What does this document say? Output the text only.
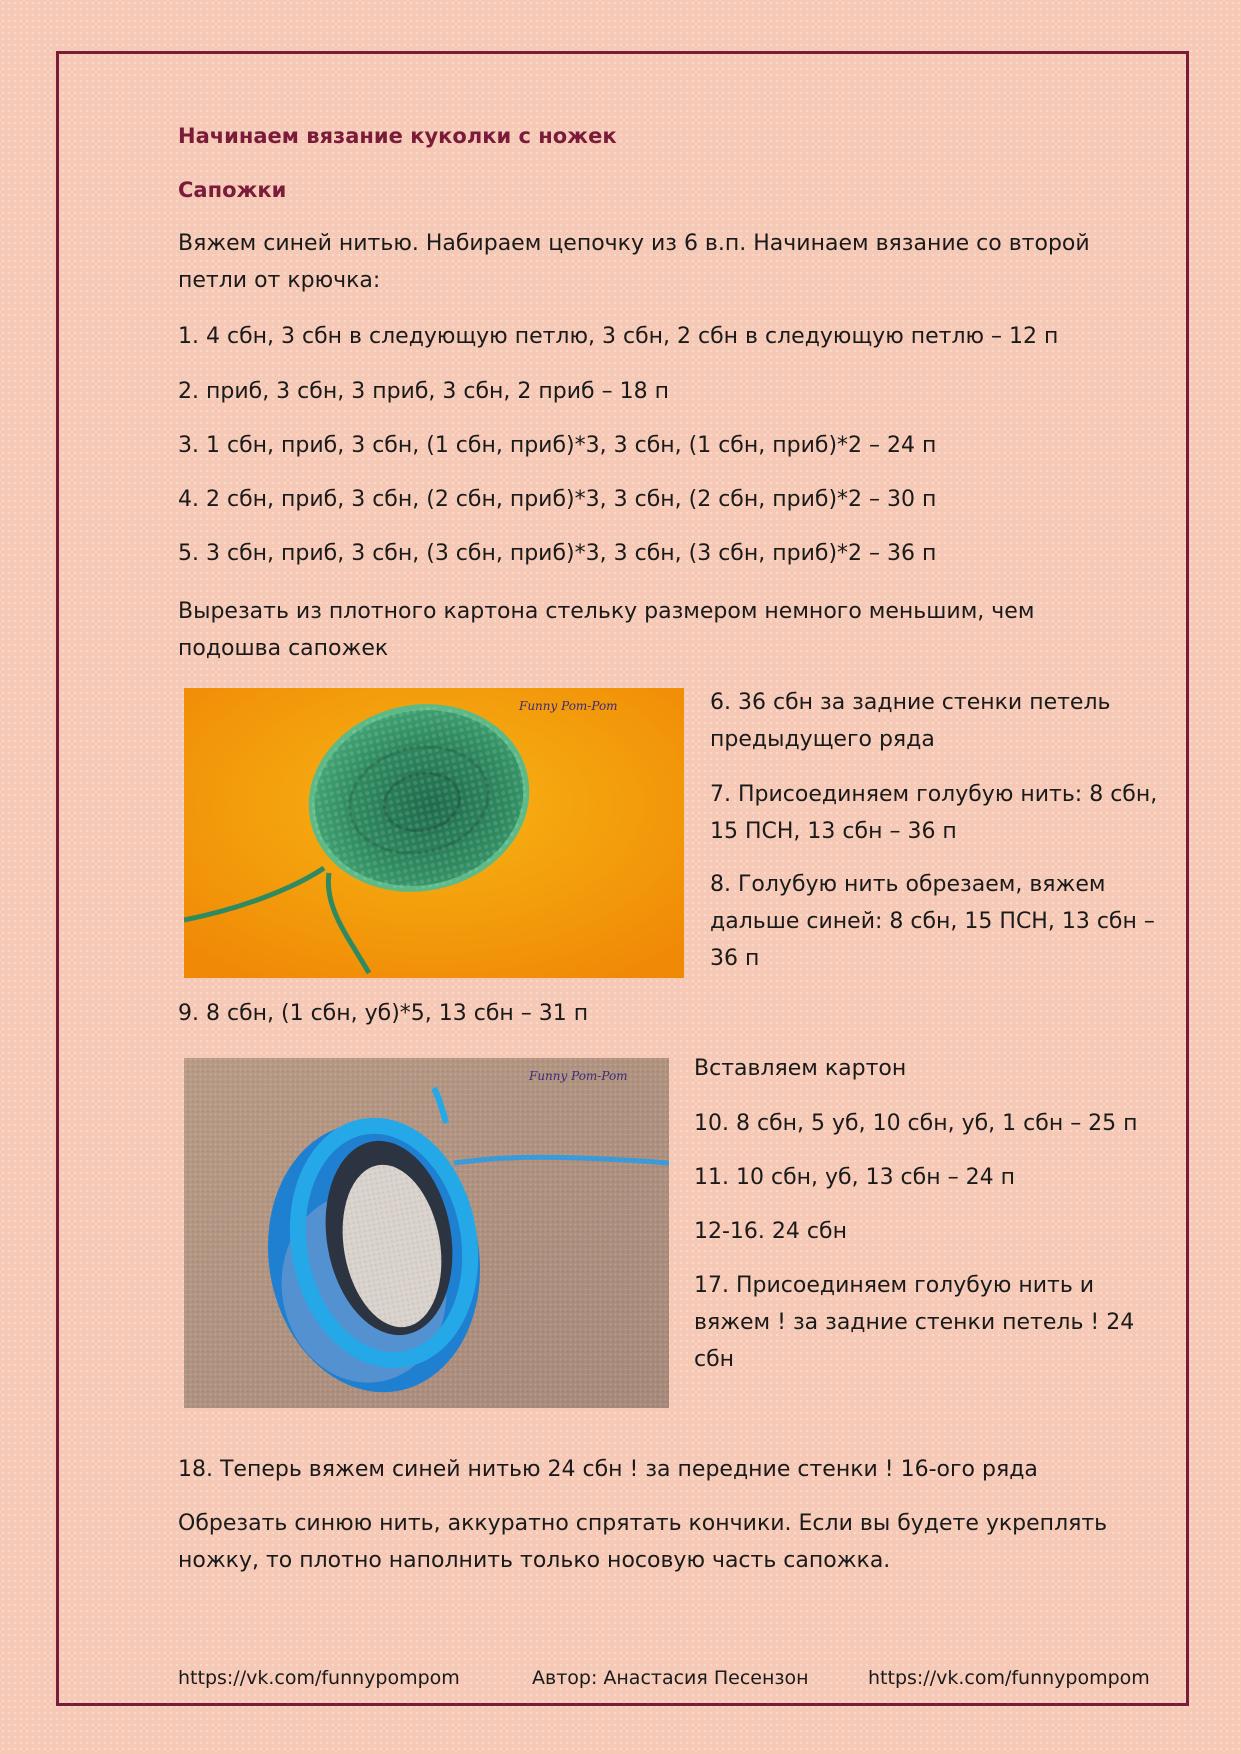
Начинаем вязание куколки с ножек
Сапожки

Вяжем синей нитью. Набираем цепочку из 6 в.п. Начинаем вязание со второй петли от крючка:

1. 4 сбн, 3 сбн в следующую петлю, 3 сбн, 2 сбн в следующую петлю – 12 п

2. приб, 3 сбн, 3 приб, 3 сбн, 2 приб – 18 п

3. 1 сбн, приб, 3 сбн, (1 сбн, приб)*3, 3 сбн, (1 сбн, приб)*2 – 24 п

4. 2 сбн, приб, 3 сбн, (2 сбн, приб)*3, 3 сбн, (2 сбн, приб)*2 – 30 п

5. 3 сбн, приб, 3 сбн, (3 сбн, приб)*3, 3 сбн, (3 сбн, приб)*2 – 36 п

Вырезать из плотного картона стельку размером немного меньшим, чем подошва сапожек

Funny Pom-Pom	6. 36 сбн за задние стенки петель предыдущего ряда

7. Присоединяем голубую нить: 8 сбн, 15 ПСН, 13 сбн – 36 п

8. Голубую нить обрезаем, вяжем дальше синей: 8 сбн, 15 ПСН, 13 сбн – 36 п

9. 8 сбн, (1 сбн, уб)*5, 13 сбн – 31 п

Funny Pom-Pom	Вставляем картон

10. 8 сбн, 5 уб, 10 сбн, уб, 1 сбн – 25 п

11. 10 сбн, уб, 13 сбн – 24 п

12-16. 24 сбн

17. Присоединяем голубую нить и вяжем ! за задние стенки петель ! 24 сбн

18. Теперь вяжем синей нитью 24 сбн ! за передние стенки ! 16-ого ряда

Обрезать синюю нить, аккуратно спрятать кончики. Если вы будете укреплять ножку, то плотно наполнить только носовую часть сапожка.

https://vk.com/funnypompom	Автор: Анастасия Песензон	https://vk.com/funnypompom
